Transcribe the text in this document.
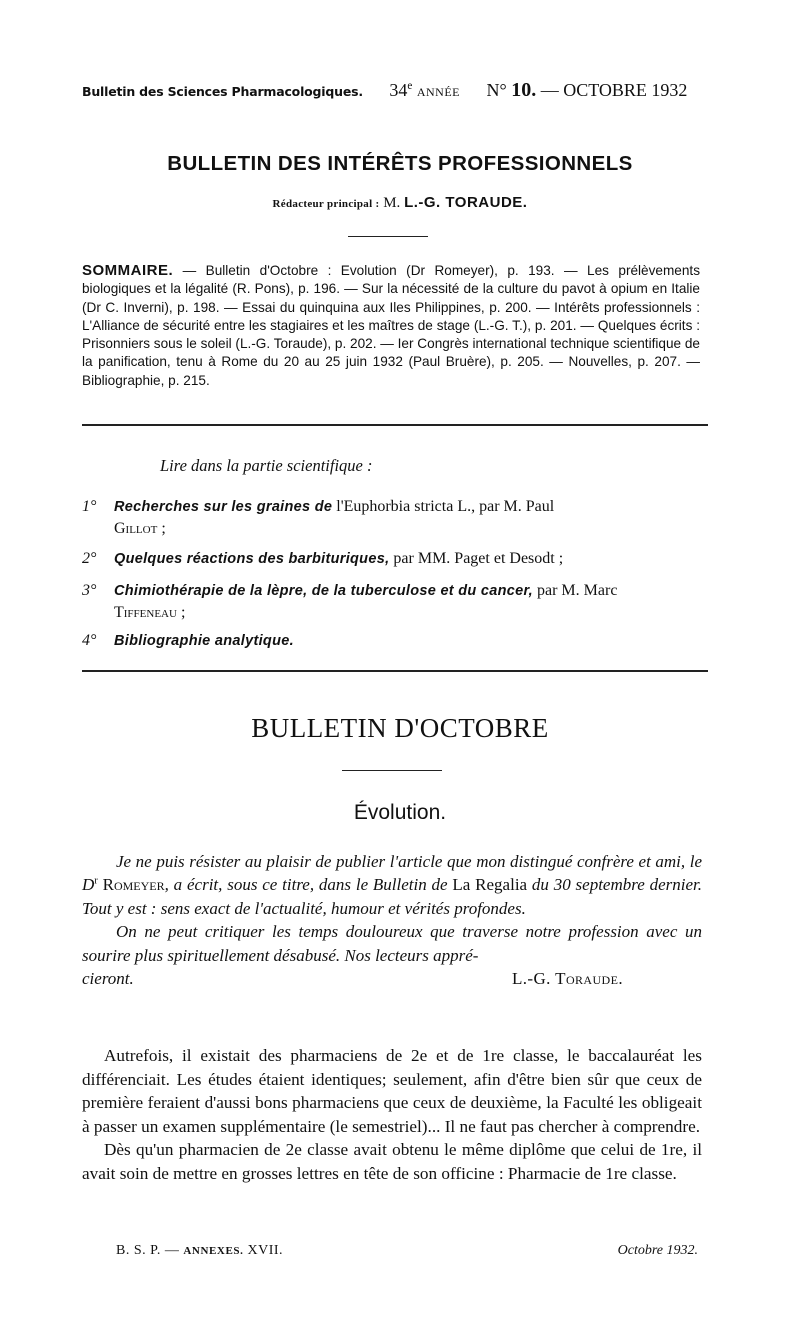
Bulletin des Sciences Pharmacologiques. 34e ANNÉE N° 10. — OCTOBRE 1932
BULLETIN DES INTÉRÊTS PROFESSIONNELS
Rédacteur principal : M. L.-G. TORAUDE.
SOMMAIRE. — Bulletin d'Octobre : Evolution (Dr Romeyer), p. 193. — Les prélèvements biologiques et la légalité (R. Pons), p. 196. — Sur la nécessité de la culture du pavot à opium en Italie (Dr C. Inverni), p. 198. — Essai du quinquina aux Iles Philippines, p. 200. — Intérêts professionnels : L'Alliance de sécurité entre les stagiaires et les maîtres de stage (L.-G. T.), p. 201. — Quelques écrits : Prisonniers sous le soleil (L.-G. Toraude), p. 202. — Ier Congrès international technique scientifique de la panification, tenu à Rome du 20 au 25 juin 1932 (Paul Bruère), p. 205. — Nouvelles, p. 207. — Bibliographie, p. 215.
Lire dans la partie scientifique :
1° Recherches sur les graines de l'Euphorbia stricta L., par M. Paul
Gillot ;
2° Quelques réactions des barbituriques, par MM. Paget et Desodt ;
3° Chimiothérapie de la lèpre, de la tuberculose et du cancer, par M. Marc
Tiffeneau ;
4° Bibliographie analytique.
BULLETIN D'OCTOBRE
Évolution.

Je ne puis résister au plaisir de publier l'article que mon distingué confrère et ami, le $D^r$ Romeyer, a écrit, sous ce titre, dans le Bulletin de La Regalia du 30 septembre dernier. Tout y est : sens exact de l'actualité, humour et vérités profondes.

On ne peut critiquer les temps douloureux que traverse notre profession avec un sourire plus spirituellement désabusé. Nos lecteurs appré-

cieront.	L.-G. Toraude.

Autrefois, il existait des pharmaciens de 2e et de 1re classe, le baccalauréat les différenciait. Les études étaient identiques; seulement, afin d'être bien sûr que ceux de première feraient d'aussi bons pharmaciens que ceux de deuxième, la Faculté les obligeait à passer un examen supplémentaire (le semestriel)... Il ne faut pas chercher à comprendre.

Dès qu'un pharmacien de 2e classe avait obtenu le même diplôme que celui de 1re, il avait soin de mettre en grosses lettres en tête de son officine : Pharmacie de 1re classe.

B. S. P. — ANNEXES. XVII.	Octobre 1932.
